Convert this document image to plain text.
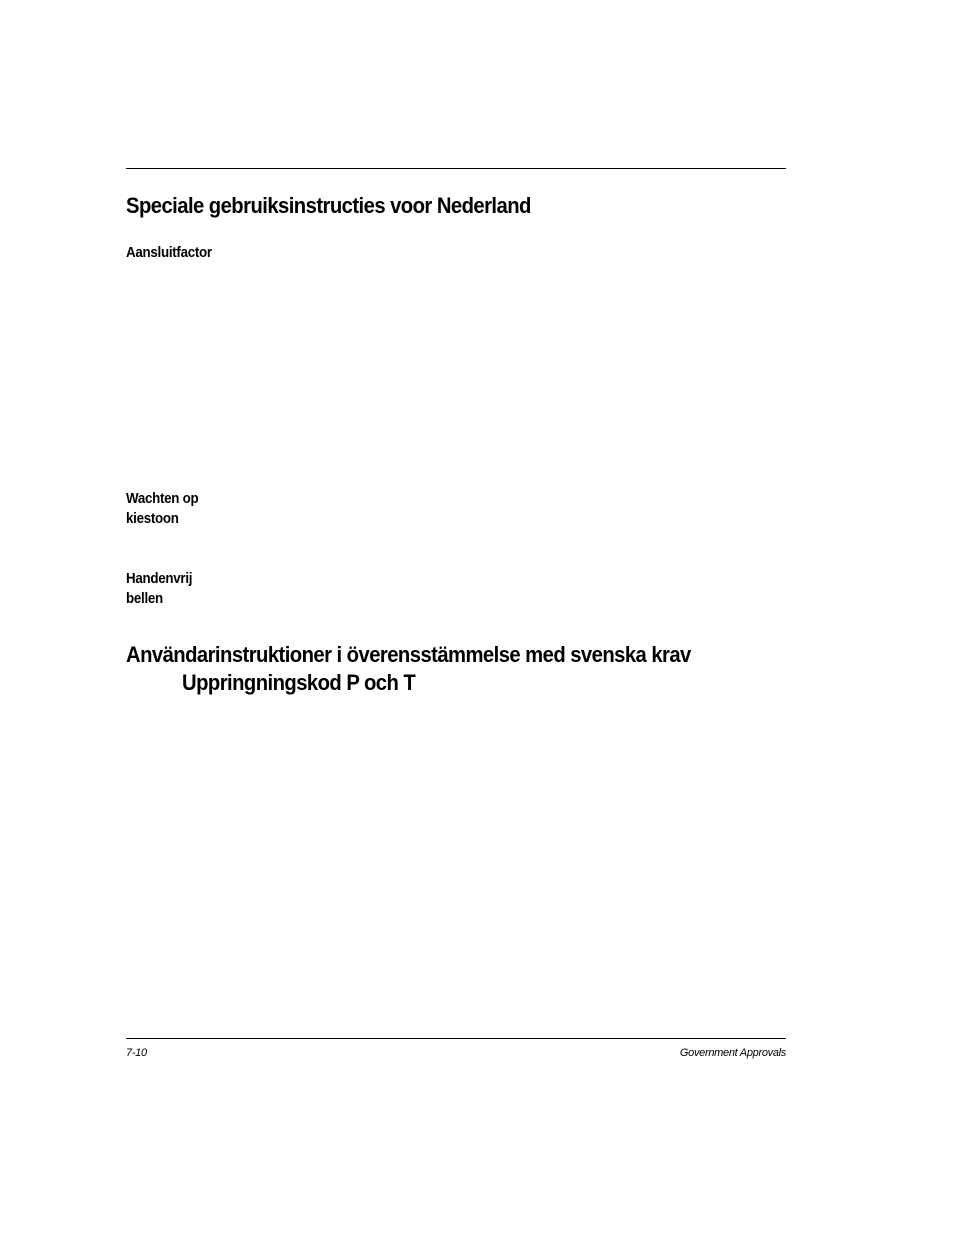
Speciale gebruiksinstructies voor Nederland
Aansluitfactor
Wachten op
kiestoon
Handenvrij
bellen
Användarinstruktioner i överensstämmelse med svenska krav
Uppringningskod P och T
7-10	Government Approvals
